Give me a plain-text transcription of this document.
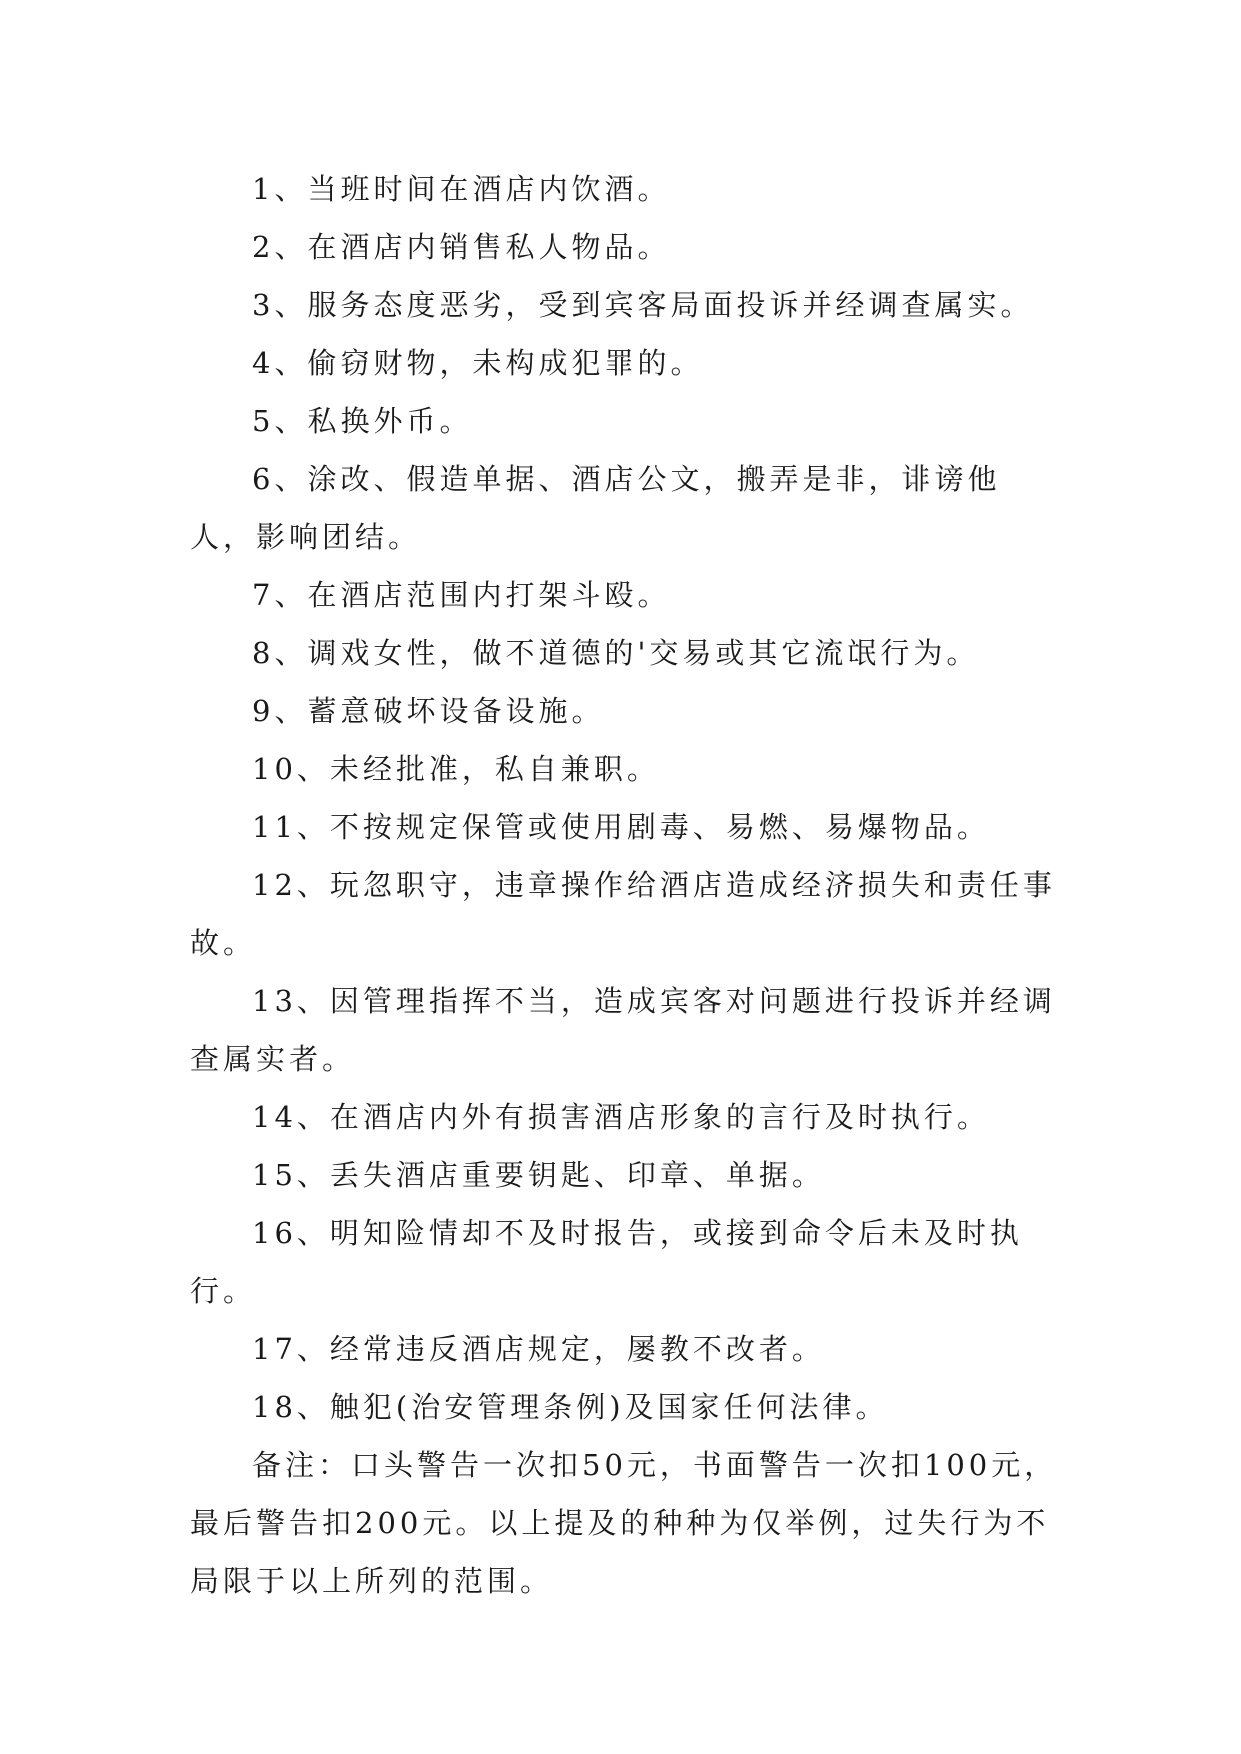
1、当班时间在酒店内饮酒。

2、在酒店内销售私人物品。

3、服务态度恶劣，受到宾客局面投诉并经调查属实。

4、偷窃财物，未构成犯罪的。

5、私换外币。

6、涂改、假造单据、酒店公文，搬弄是非，诽谤他人，影响团结。

7、在酒店范围内打架斗殴。

8、调戏女性，做不道德的'交易或其它流氓行为。

9、蓄意破坏设备设施。

10、未经批准，私自兼职。

11、不按规定保管或使用剧毒、易燃、易爆物品。

12、玩忽职守，违章操作给酒店造成经济损失和责任事故。

13、因管理指挥不当，造成宾客对问题进行投诉并经调查属实者。

14、在酒店内外有损害酒店形象的言行及时执行。

15、丢失酒店重要钥匙、印章、单据。

16、明知险情却不及时报告，或接到命令后未及时执行。

17、经常违反酒店规定，屡教不改者。

18、触犯(治安管理条例)及国家任何法律。

备注：口头警告一次扣50元，书面警告一次扣100元，最后警告扣200元。以上提及的种种为仅举例，过失行为不局限于以上所列的范围。
